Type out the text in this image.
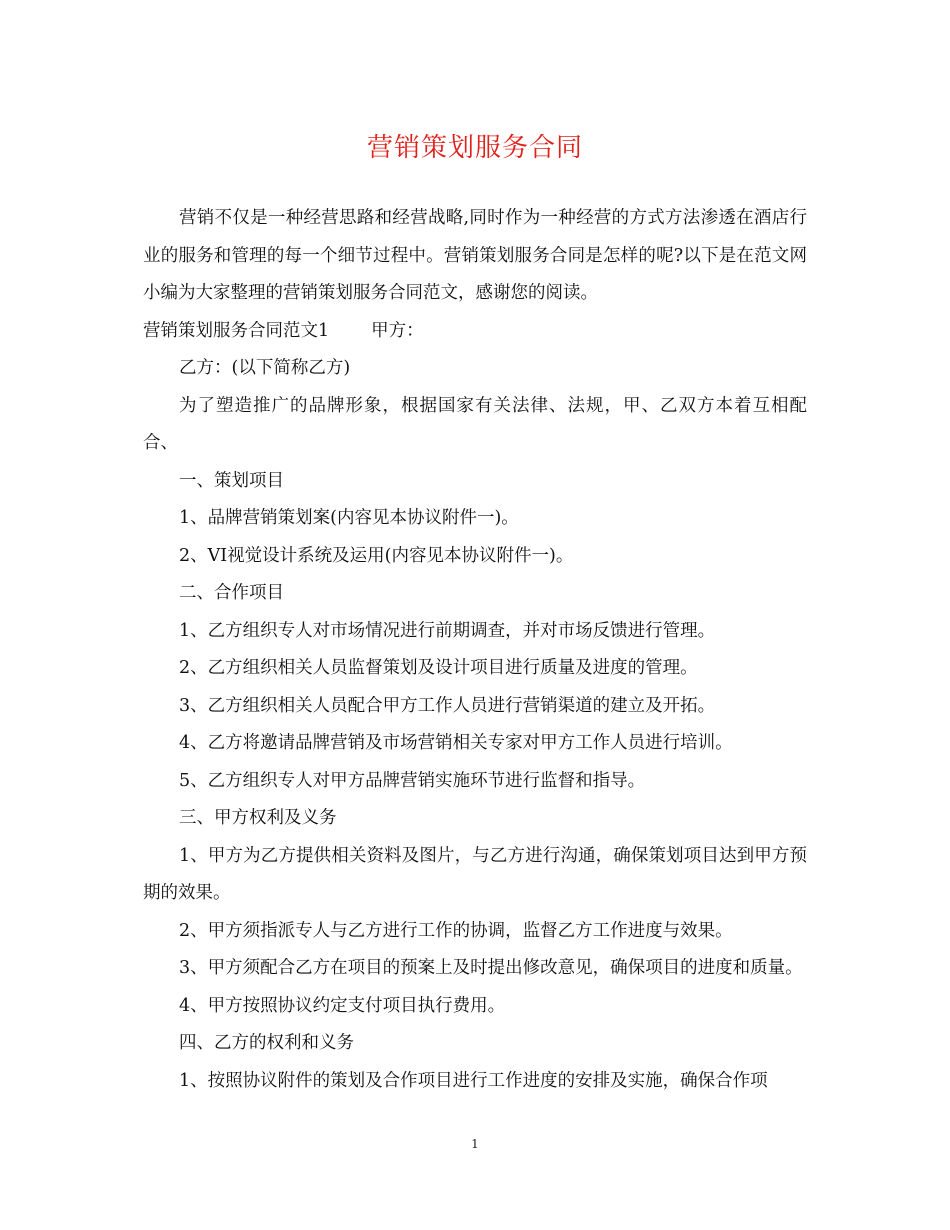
营销策划服务合同

营销不仅是一种经营思路和经营战略,同时作为一种经营的方式方法渗透在酒店行业的服务和管理的每一个细节过程中。营销策划服务合同是怎样的呢?以下是在范文网小编为大家整理的营销策划服务合同范文，感谢您的阅读。

营销策划服务合同范文1 甲方：

乙方：(以下简称乙方)

为了塑造推广的品牌形象，根据国家有关法律、法规，甲、乙双方本着互相配合、

一、策划项目

1、品牌营销策划案(内容见本协议附件一)。

2、VI视觉设计系统及运用(内容见本协议附件一)。

二、合作项目

1、乙方组织专人对市场情况进行前期调查，并对市场反馈进行管理。

2、乙方组织相关人员监督策划及设计项目进行质量及进度的管理。

3、乙方组织相关人员配合甲方工作人员进行营销渠道的建立及开拓。

4、乙方将邀请品牌营销及市场营销相关专家对甲方工作人员进行培训。

5、乙方组织专人对甲方品牌营销实施环节进行监督和指导。

三、甲方权利及义务

1、甲方为乙方提供相关资料及图片，与乙方进行沟通，确保策划项目达到甲方预期的效果。

2、甲方须指派专人与乙方进行工作的协调，监督乙方工作进度与效果。

3、甲方须配合乙方在项目的预案上及时提出修改意见，确保项目的进度和质量。

4、甲方按照协议约定支付项目执行费用。

四、乙方的权利和义务

1、按照协议附件的策划及合作项目进行工作进度的安排及实施，确保合作项

1
